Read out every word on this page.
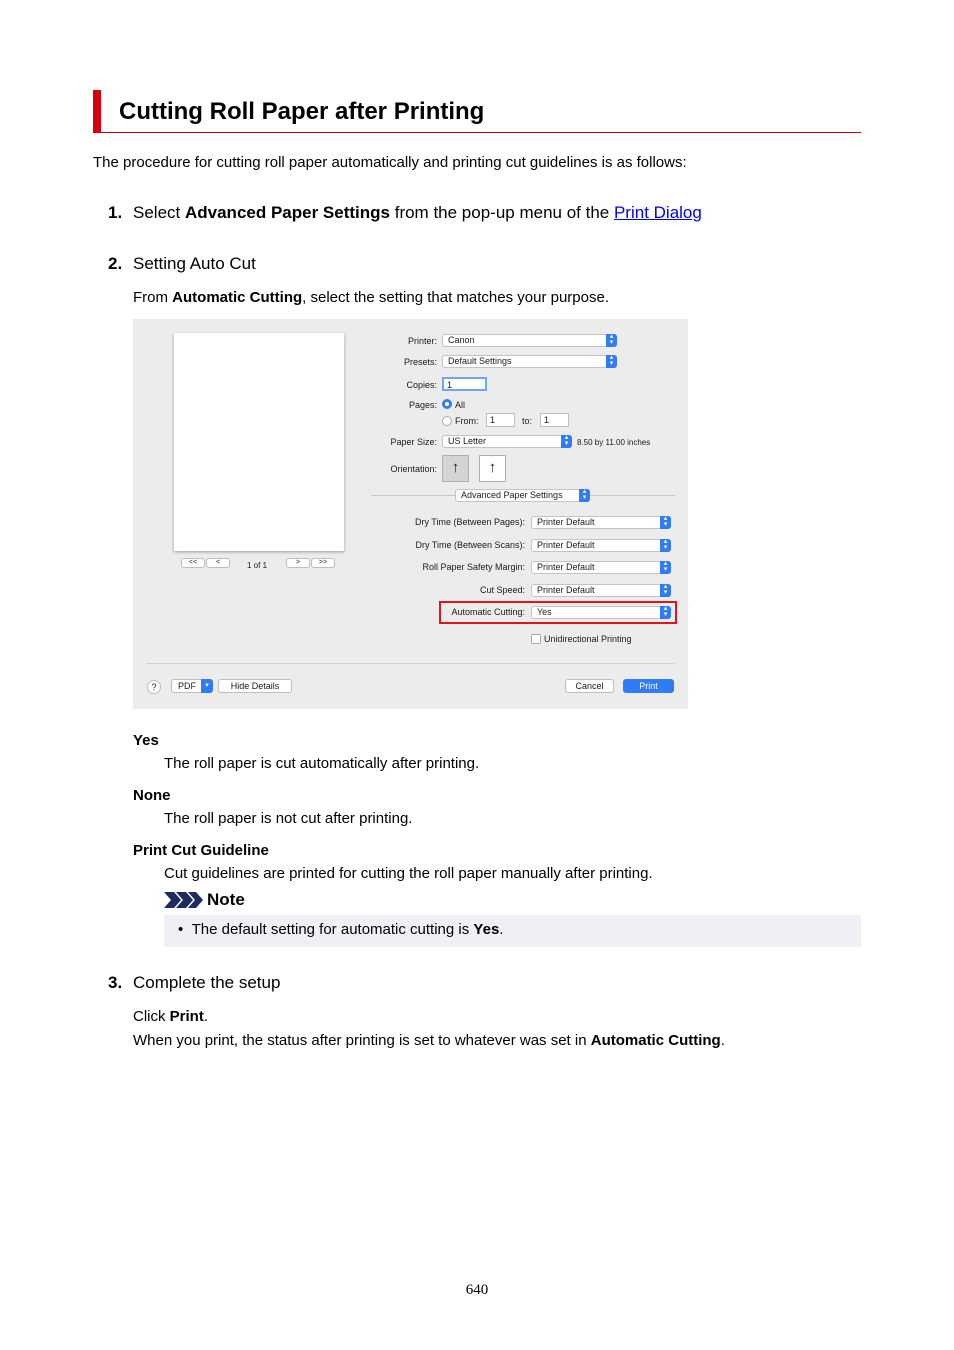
Cutting Roll Paper after Printing
The procedure for cutting roll paper automatically and printing cut guidelines is as follows:
1. Select Advanced Paper Settings from the pop-up menu of the Print Dialog
2. Setting Auto Cut
From Automatic Cutting, select the setting that matches your purpose.
<<	<	1 of 1	>	>>
Printer:	Canon	▴
▾
Presets:	Default Settings	▴
▾
Copies:	1
Pages: All
From:	1	to:	1
Paper Size:	US Letter	▴
▾	8.50 by 11.00 inches
Orientation: ↑	↑
Advanced Paper Settings	▴
▾
Dry Time (Between Pages):	Printer Default	▴
▾
Dry Time (Between Scans):	Printer Default	▴
▾
Roll Paper Safety Margin:	Printer Default	▴
▾
Cut Speed:	Printer Default	▴
▾
Automatic Cutting:	Yes	▴
▾
Unidirectional Printing
?	PDF	▾	Hide Details	Cancel	Print
Yes
The roll paper is cut automatically after printing.
None
The roll paper is not cut after printing.
Print Cut Guideline
Cut guidelines are printed for cutting the roll paper manually after printing.
Note
•  The default setting for automatic cutting is Yes.
3. Complete the setup
Click Print.
When you print, the status after printing is set to whatever was set in Automatic Cutting.
640
